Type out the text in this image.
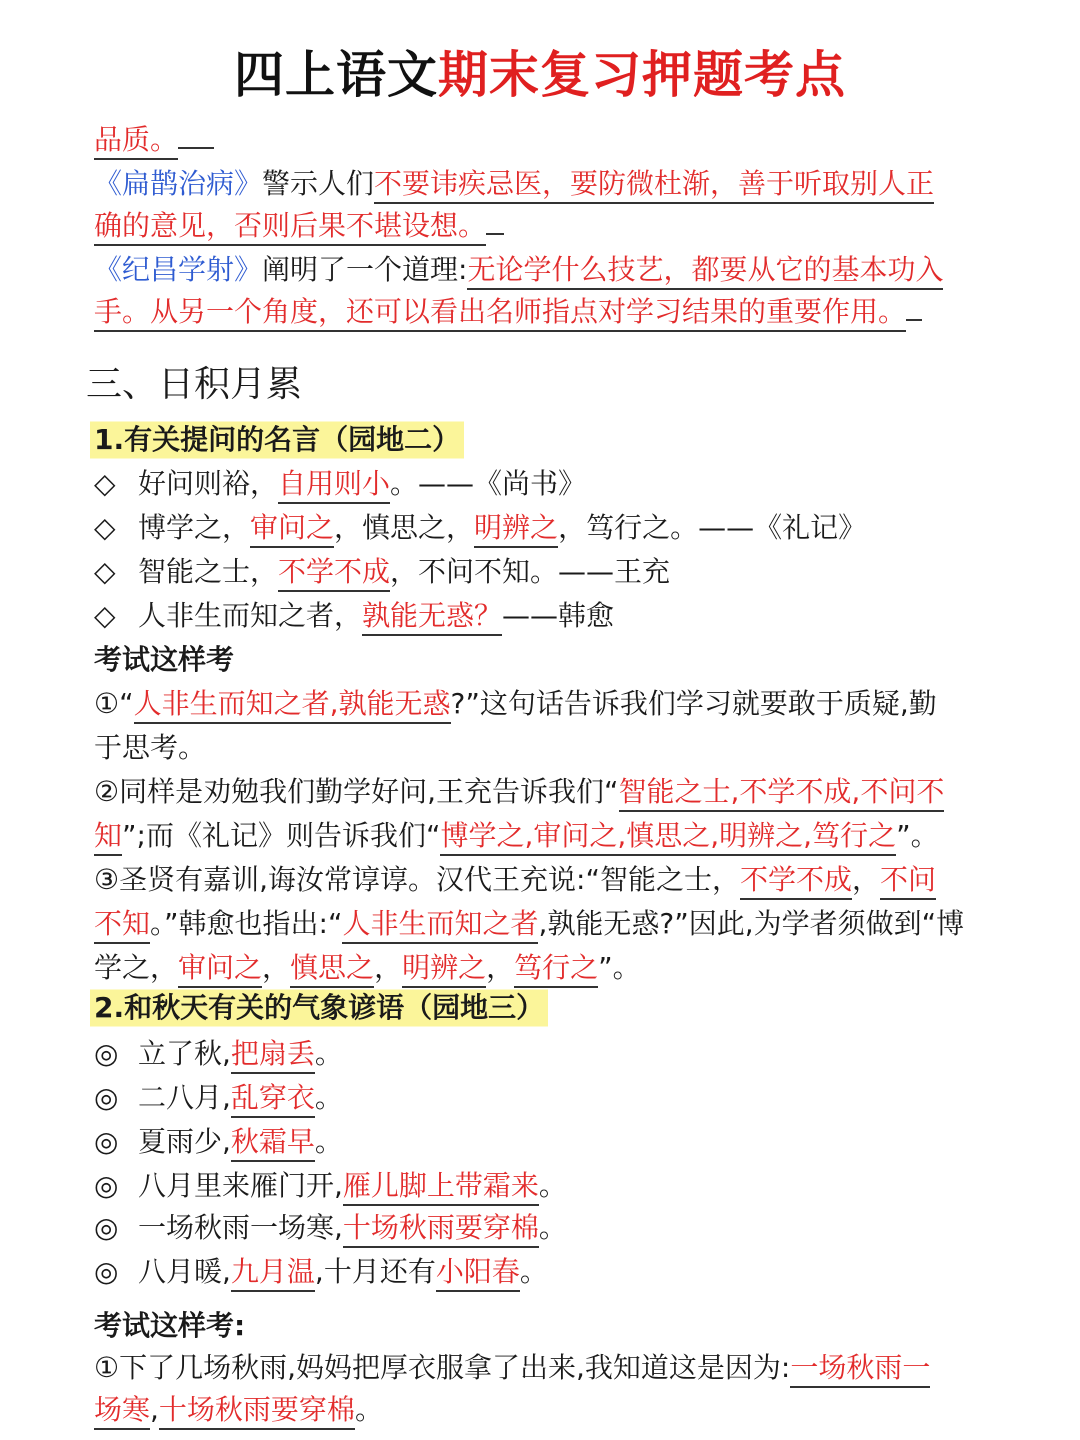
四上语文期末复习押题考点
品质。
《扁鹊治病》警示人们不要讳疾忌医，要防微杜渐，善于听取别人正
确的意见，否则后果不堪设想。
《纪昌学射》阐明了一个道理:无论学什么技艺，都要从它的基本功入
手。从另一个角度，还可以看出名师指点对学习结果的重要作用。
三、日积月累
1.有关提问的名言（园地二）
◇ 好问则裕，自用则小。——《尚书》
◇ 博学之，审问之，慎思之，明辨之，笃行之。——《礼记》
◇ 智能之士，不学不成，不问不知。——王充
◇ 人非生而知之者，孰能无惑？——韩愈
考试这样考
①“人非生而知之者,孰能无惑?”这句话告诉我们学习就要敢于质疑,勤
于思考。
②同样是劝勉我们勤学好问,王充告诉我们“智能之士,不学不成,不问不
知”;而《礼记》则告诉我们“博学之,审问之,慎思之,明辨之,笃行之”。
③圣贤有嘉训,诲汝常谆谆。汉代王充说:“智能之士，不学不成，不问
不知。”韩愈也指出:“人非生而知之者,孰能无惑?”因此,为学者须做到“博
学之，审问之，慎思之，明辨之，笃行之”。
2.和秋天有关的气象谚语（园地三）
◎ 立了秋,把扇丢。
◎ 二八月,乱穿衣。
◎ 夏雨少,秋霜早。
◎ 八月里来雁门开,雁儿脚上带霜来。
◎ 一场秋雨一场寒,十场秋雨要穿棉。
◎ 八月暖,九月温,十月还有小阳春。
考试这样考:
①下了几场秋雨,妈妈把厚衣服拿了出来,我知道这是因为:一场秋雨一
场寒,十场秋雨要穿棉。
